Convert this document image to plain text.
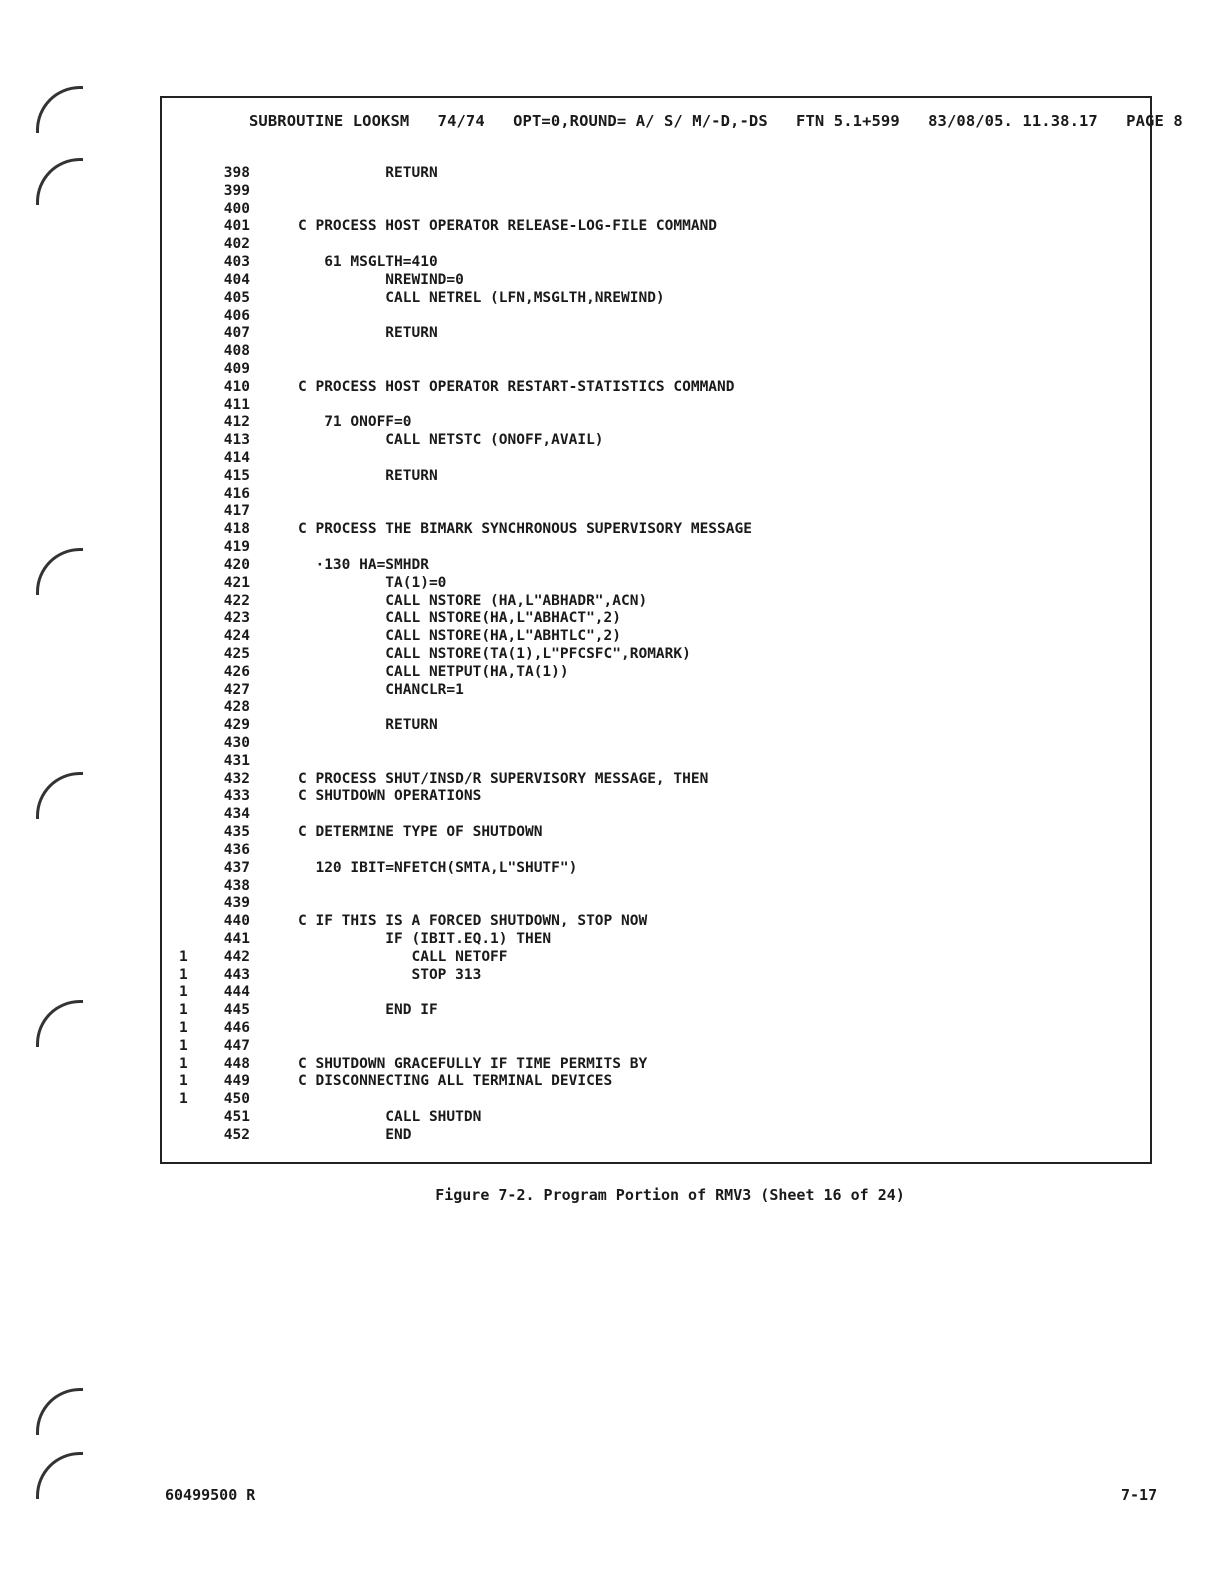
SUBROUTINE LOOKSM   74/74   OPT=0,ROUND= A/ S/ M/-D,-DS   FTN 5.1+599   83/08/05. 11.38.17   PAGE 8
398	RETURN
399
400
401	C PROCESS HOST OPERATOR RELEASE-LOG-FILE COMMAND
402
403	61 MSGLTH=410
404	NREWIND=0
405	CALL NETREL (LFN,MSGLTH,NREWIND)
406
407	RETURN
408
409
410	C PROCESS HOST OPERATOR RESTART-STATISTICS COMMAND
411
412	71 ONOFF=0
413	CALL NETSTC (ONOFF,AVAIL)
414
415	RETURN
416
417
418	C PROCESS THE BIMARK SYNCHRONOUS SUPERVISORY MESSAGE
419
420	·130 HA=SMHDR
421	TA(1)=0
422	CALL NSTORE (HA,L"ABHADR",ACN)
423	CALL NSTORE(HA,L"ABHACT",2)
424	CALL NSTORE(HA,L"ABHTLC",2)
425	CALL NSTORE(TA(1),L"PFCSFC",ROMARK)
426	CALL NETPUT(HA,TA(1))
427	CHANCLR=1
428
429	RETURN
430
431
432	C PROCESS SHUT/INSD/R SUPERVISORY MESSAGE, THEN
433	C SHUTDOWN OPERATIONS
434
435	C DETERMINE TYPE OF SHUTDOWN
436
437	120 IBIT=NFETCH(SMTA,L"SHUTF")
438
439
440	C IF THIS IS A FORCED SHUTDOWN, STOP NOW
441	IF (IBIT.EQ.1) THEN
1	442	CALL NETOFF
1	443	STOP 313
1	444
1	445	END IF
1	446
1	447
1	448	C SHUTDOWN GRACEFULLY IF TIME PERMITS BY
1	449	C DISCONNECTING ALL TERMINAL DEVICES
1	450
451	CALL SHUTDN
452	END
Figure 7-2. Program Portion of RMV3 (Sheet 16 of 24)
60499500 R	7-17
